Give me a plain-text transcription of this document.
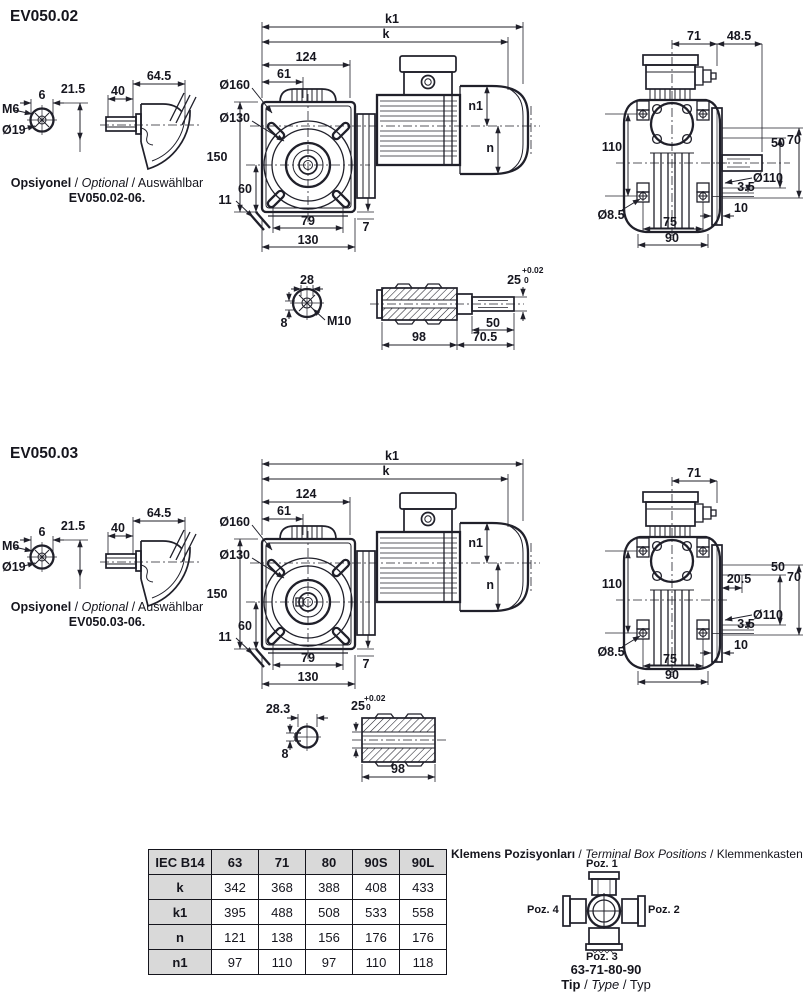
M6
6 21.5
Ø19
40
64.5
k1
k
124
61
Ø160
Ø130
150
60
11
79
130
7
n1
n
71 48.5
110	70
50
Ø110
3.5
10
Ø8.5	75
90
28
8	M10
25
+0.02
0
50
98	70.5
M6
6 21.5
Ø19
40
64.5
k1
k
124
61
Ø160
Ø130
150
60
11
79
130
7
n1
n	20.5
71
110	70
50
Ø110
3.5
10
Ø8.5	75
90
28.3
8
25
+0.02
0
98
EV050.02
Opsiyonel / Optional / Auswählbar
EV050.02-06.
EV050.03
Opsiyonel / Optional / Auswählbar
EV050.03-06.
IEC B14	63	71	80	90S	90L
k	342	368	388	408	433
k1	395	488	508	533	558
n	121	138	156	176	176
n1	97	110	97	110	118
Klemens Pozisyonları / Terminal Box Positions / Klemmenkasten
Poz. 1
Poz. 2
Poz. 3
Poz. 4
63-71-80-90
Tip / Type / Typ
